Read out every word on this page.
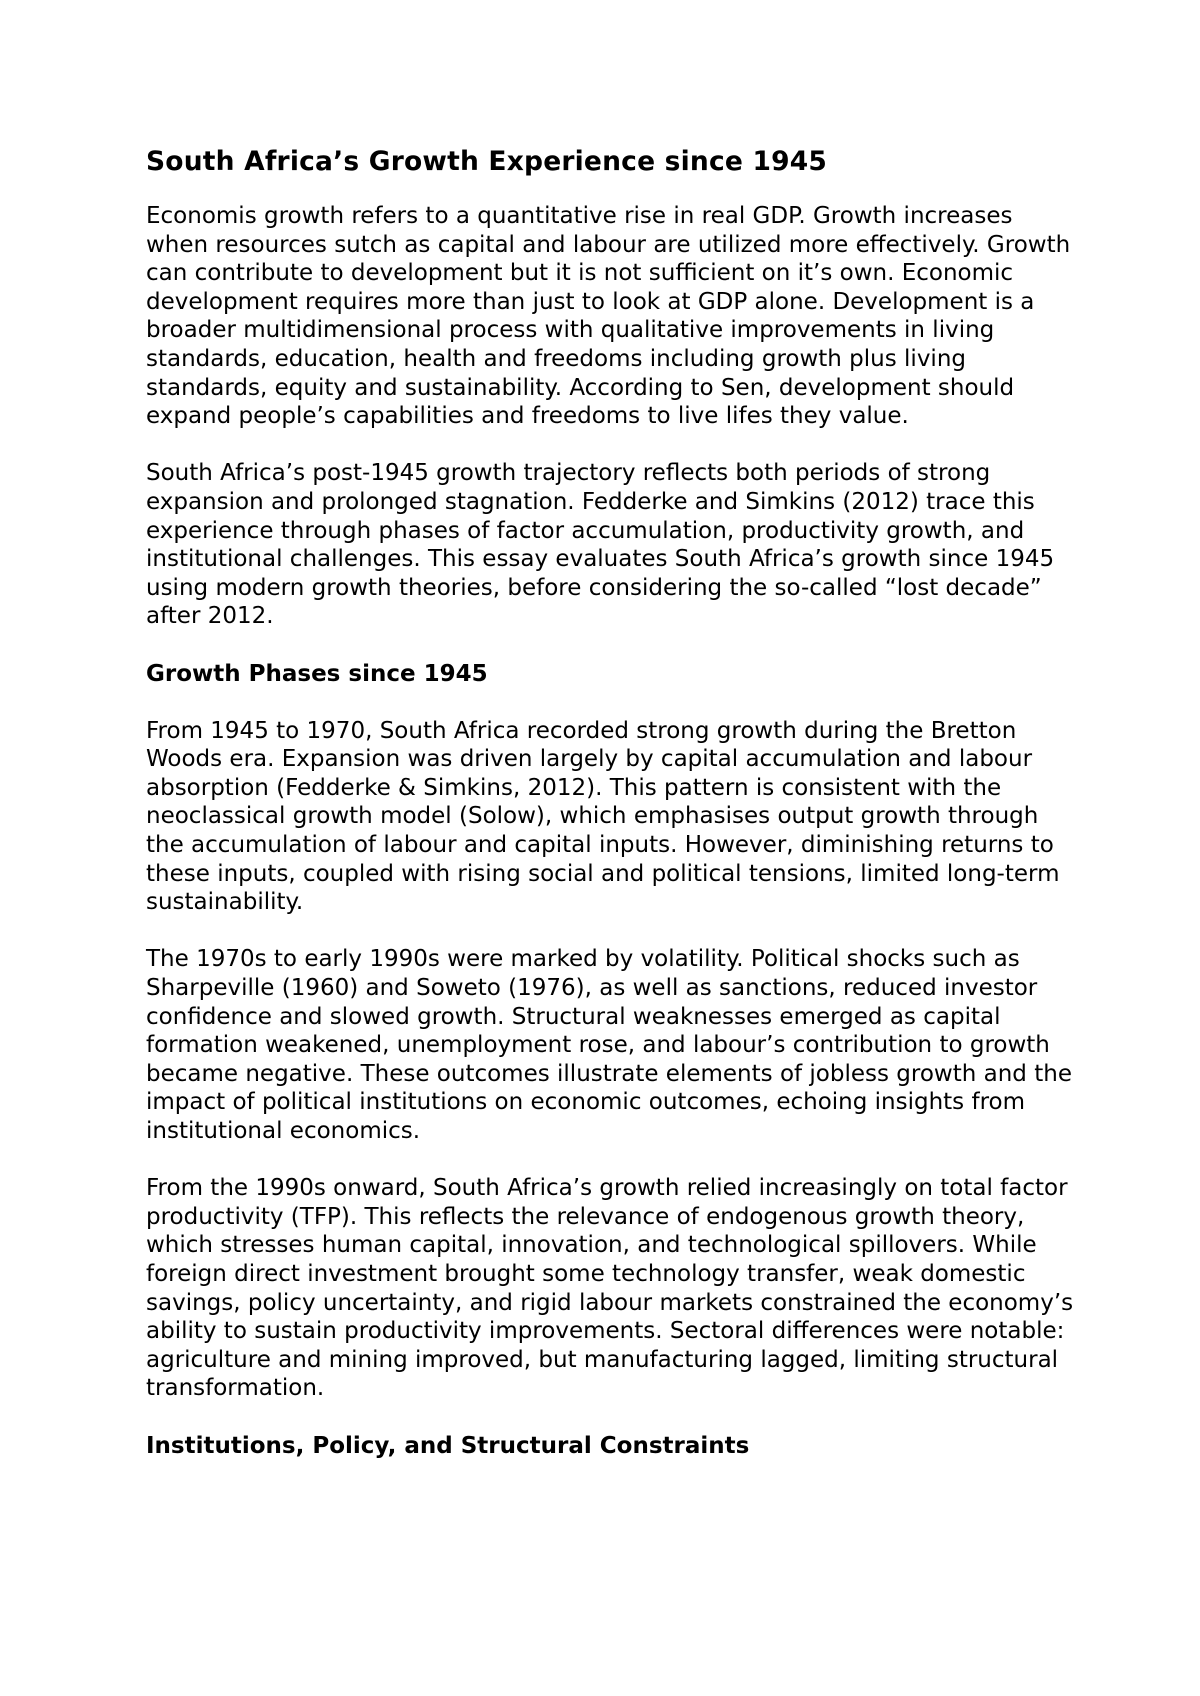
South Africa’s Growth Experience since 1945

Economis growth refers to a quantitative rise in real GDP. Growth increases when resources sutch as capital and labour are utilized more effectively. Growth can contribute to development but it is not sufficient on it’s own. Economic development requires more than just to look at GDP alone. Development is a broader multidimensional process with qualitative improvements in living standards, education, health and freedoms including growth plus living standards, equity and sustainability. According to Sen, development should expand people’s capabilities and freedoms to live lifes they value.

South Africa’s post-1945 growth trajectory reflects both periods of strong expansion and prolonged stagnation. Fedderke and Simkins (2012) trace this experience through phases of factor accumulation, productivity growth, and institutional challenges. This essay evaluates South Africa’s growth since 1945 using modern growth theories, before considering the so-called “lost decade” after 2012.

Growth Phases since 1945

From 1945 to 1970, South Africa recorded strong growth during the Bretton Woods era. Expansion was driven largely by capital accumulation and labour absorption (Fedderke & Simkins, 2012). This pattern is consistent with the neoclassical growth model (Solow), which emphasises output growth through the accumulation of labour and capital inputs. However, diminishing returns to these inputs, coupled with rising social and political tensions, limited long-term sustainability.

The 1970s to early 1990s were marked by volatility. Political shocks such as Sharpeville (1960) and Soweto (1976), as well as sanctions, reduced investor confidence and slowed growth. Structural weaknesses emerged as capital formation weakened, unemployment rose, and labour’s contribution to growth became negative. These outcomes illustrate elements of jobless growth and the impact of political institutions on economic outcomes, echoing insights from institutional economics.

From the 1990s onward, South Africa’s growth relied increasingly on total factor productivity (TFP). This reflects the relevance of endogenous growth theory, which stresses human capital, innovation, and technological spillovers. While foreign direct investment brought some technology transfer, weak domestic savings, policy uncertainty, and rigid labour markets constrained the economy’s ability to sustain productivity improvements. Sectoral differences were notable: agriculture and mining improved, but manufacturing lagged, limiting structural transformation.

Institutions, Policy, and Structural Constraints
